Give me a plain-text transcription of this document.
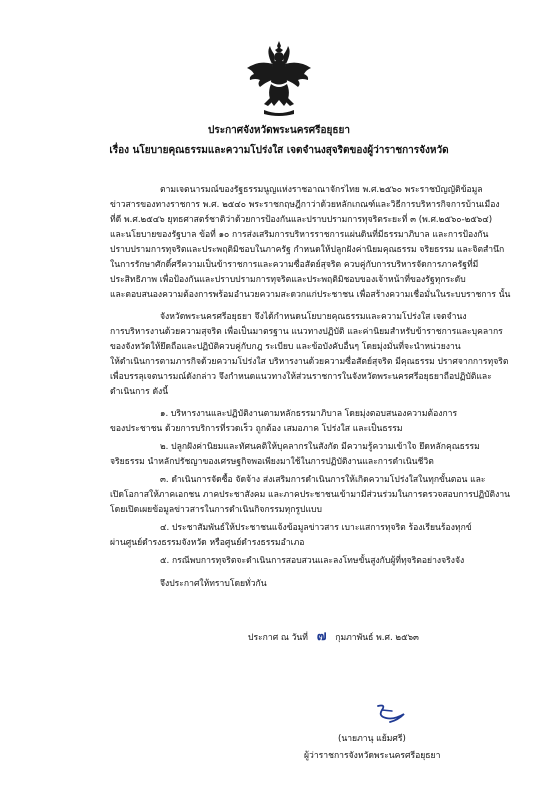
ประกาศจังหวัดพระนครศรีอยุธยา
เรื่อง นโยบายคุณธรรมและความโปร่งใส เจตจำนงสุจริตของผู้ว่าราชการจังหวัด
ตามเจตนารมณ์ของรัฐธรรมนูญแห่งราชอาณาจักรไทย พ.ศ.๒๕๖๐ พระราชบัญญัติข้อมูล
ข่าวสารของทางราชการ พ.ศ. ๒๕๔๐ พระราชกฤษฎีกาว่าด้วยหลักเกณฑ์และวิธีการบริหารกิจการบ้านเมือง
ที่ดี พ.ศ.๒๕๔๖ ยุทธศาสตร์ชาติว่าด้วยการป้องกันและปราบปรามการทุจริตระยะที่ ๓ (พ.ศ.๒๕๖๐-๒๕๖๔)
และนโยบายของรัฐบาล ข้อที่ ๑๐ การส่งเสริมการบริหารราชการแผ่นดินที่มีธรรมาภิบาล และการป้องกัน
ปราบปรามการทุจริตและประพฤติมิชอบในภาครัฐ กำหนดให้ปลูกฝังค่านิยมคุณธรรม จริยธรรม และจิตสำนึก
ในการรักษาศักดิ์ศรีความเป็นข้าราชการและความซื่อสัตย์สุจริต ควบคู่กับการบริหารจัดการภาครัฐที่มี
ประสิทธิภาพ เพื่อป้องกันและปราบปรามการทุจริตและประพฤติมิชอบของเจ้าหน้าที่ของรัฐทุกระดับ
และตอบสนองความต้องการพร้อมอำนวยความสะดวกแก่ประชาชน เพื่อสร้างความเชื่อมั่นในระบบราชการ นั้น
จังหวัดพระนครศรีอยุธยา จึงได้กำหนดนโยบายคุณธรรมและความโปร่งใส เจตจำนง
การบริหารงานด้วยความสุจริต เพื่อเป็นมาตรฐาน แนวทางปฏิบัติ และค่านิยมสำหรับข้าราชการและบุคลากร
ของจังหวัดให้ยึดถือและปฏิบัติควบคู่กับกฎ ระเบียบ และข้อบังคับอื่นๆ โดยมุ่งมั่นที่จะนำหน่วยงาน
ให้ดำเนินการตามภารกิจด้วยความโปร่งใส บริหารงานด้วยความซื่อสัตย์สุจริต มีคุณธรรม ปราศจากการทุจริต
เพื่อบรรลุเจตนารมณ์ดังกล่าว จึงกำหนดแนวทางให้ส่วนราชการในจังหวัดพระนครศรีอยุธยาถือปฏิบัติและ
ดำเนินการ ดังนี้
๑. บริหารงานและปฏิบัติงานตามหลักธรรมาภิบาล โดยมุ่งตอบสนองความต้องการ
ของประชาชน ด้วยการบริการที่รวดเร็ว ถูกต้อง เสมอภาค โปร่งใส และเป็นธรรม
๒. ปลูกฝังค่านิยมและทัศนคติให้บุคลากรในสังกัด มีความรู้ความเข้าใจ ยึดหลักคุณธรรม
จริยธรรม นำหลักปรัชญาของเศรษฐกิจพอเพียงมาใช้ในการปฏิบัติงานและการดำเนินชีวิต
๓. ดำเนินการจัดซื้อ จัดจ้าง ส่งเสริมการดำเนินการให้เกิดความโปร่งใสในทุกขั้นตอน และ
เปิดโอกาสให้ภาคเอกชน ภาคประชาสังคม และภาคประชาชนเข้ามามีส่วนร่วมในการตรวจสอบการปฏิบัติงาน
โดยเปิดเผยข้อมูลข่าวสารในการดำเนินกิจกรรมทุกรูปแบบ
๔. ประชาสัมพันธ์ให้ประชาชนแจ้งข้อมูลข่าวสาร เบาะแสการทุจริต ร้องเรียนร้องทุกข์
ผ่านศูนย์ดำรงธรรมจังหวัด หรือศูนย์ดำรงธรรมอำเภอ
๕. กรณีพบการทุจริตจะดำเนินการสอบสวนและลงโทษขั้นสูงกับผู้ที่ทุจริตอย่างจริงจัง
จึงประกาศให้ทราบโดยทั่วกัน
ประกาศ ณ วันที่ ๗ กุมภาพันธ์ พ.ศ. ๒๕๖๓
(นายภานุ แย้มศรี)
ผู้ว่าราชการจังหวัดพระนครศรีอยุธยา
